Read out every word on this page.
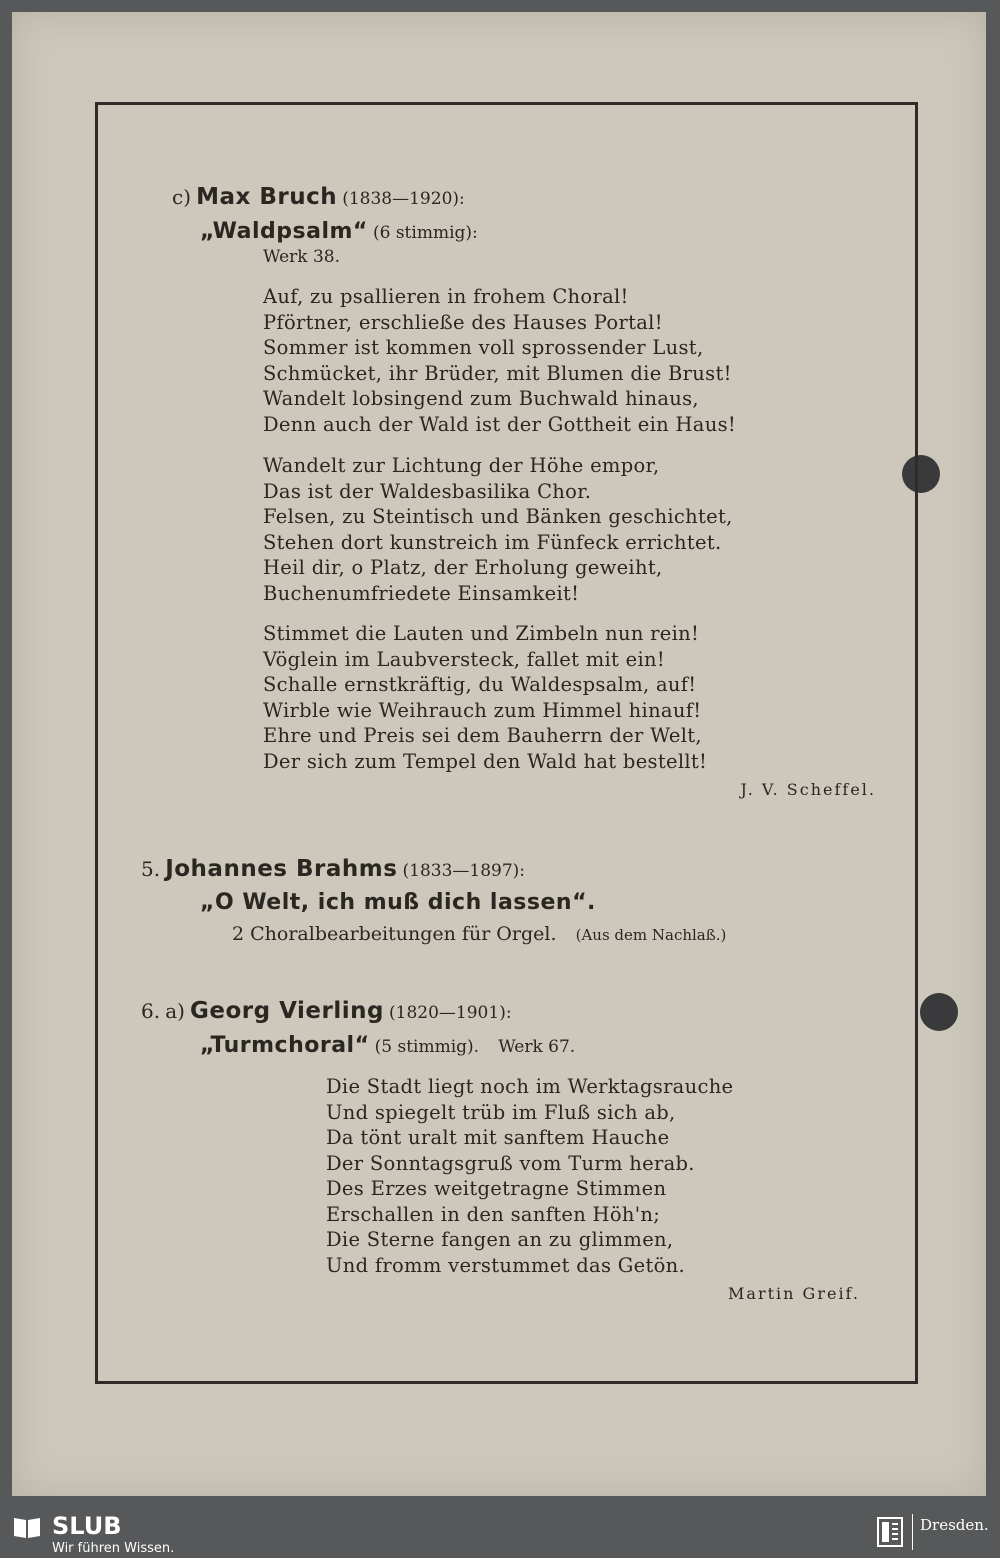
c) Max Bruch (1838—1920):
„Waldpsalm“ (6 stimmig):
Werk 38.
Auf, zu psallieren in frohem Choral!
Pförtner, erschließe des Hauses Portal!
Sommer ist kommen voll sprossender Lust,
Schmücket, ihr Brüder, mit Blumen die Brust!
Wandelt lobsingend zum Buchwald hinaus,
Denn auch der Wald ist der Gottheit ein Haus!
Wandelt zur Lichtung der Höhe empor,
Das ist der Waldesbasilika Chor.
Felsen, zu Steintisch und Bänken geschichtet,
Stehen dort kunstreich im Fünfeck errichtet.
Heil dir, o Platz, der Erholung geweiht,
Buchenumfriedete Einsamkeit!
Stimmet die Lauten und Zimbeln nun rein!
Vöglein im Laubversteck, fallet mit ein!
Schalle ernstkräftig, du Waldespsalm, auf!
Wirble wie Weihrauch zum Himmel hinauf!
Ehre und Preis sei dem Bauherrn der Welt,
Der sich zum Tempel den Wald hat bestellt!
J. V. Scheffel.
5. Johannes Brahms (1833—1897):
„O Welt, ich muß dich lassen“.
2 Choralbearbeitungen für Orgel. (Aus dem Nachlaß.)
6. a) Georg Vierling (1820—1901):
„Turmchoral“ (5 stimmig). Werk 67.
Die Stadt liegt noch im Werktagsrauche
Und spiegelt trüb im Fluß sich ab,
Da tönt uralt mit sanftem Hauche
Der Sonntagsgruß vom Turm herab.
Des Erzes weitgetragne Stimmen
Erschallen in den sanften Höh'n;
Die Sterne fangen an zu glimmen,
Und fromm verstummet das Getön.
Martin Greif.
SLUB
Wir führen Wissen.
Dresden.
